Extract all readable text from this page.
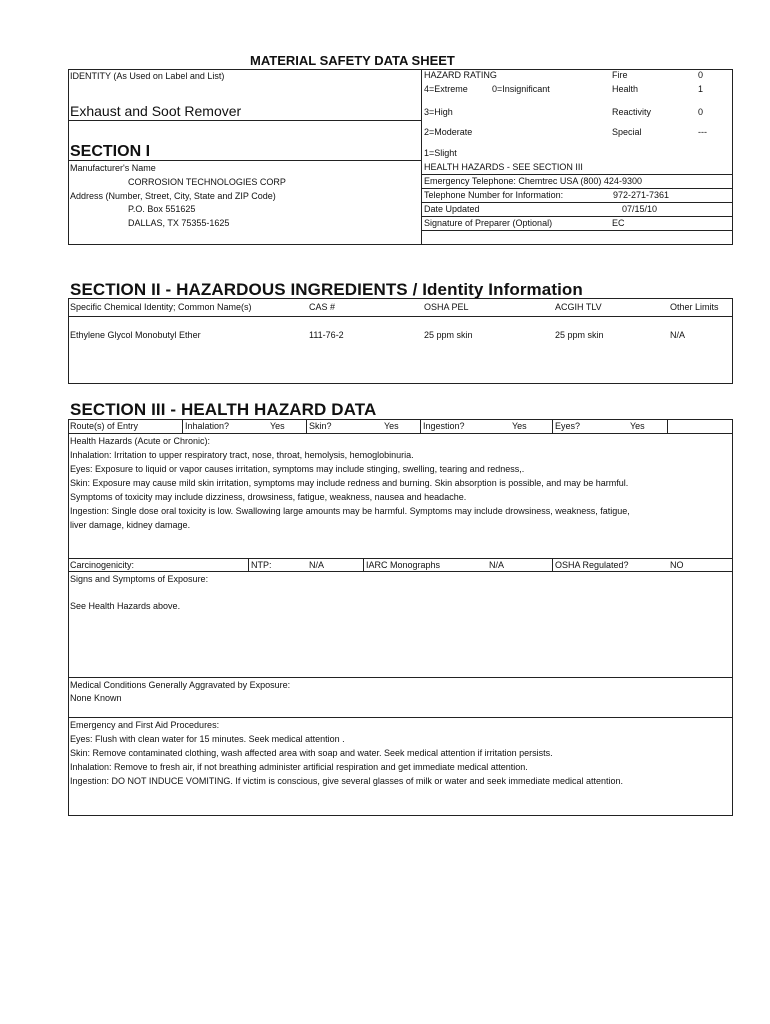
MATERIAL SAFETY DATA SHEET
IDENTITY (As Used on Label and List)
Exhaust and Soot Remover
SECTION I
Manufacturer's Name
CORROSION TECHNOLOGIES CORP
Address (Number, Street, City, State and ZIP Code)
P.O. Box 551625
DALLAS, TX 75355-1625
HAZARD RATING
4=Extreme	0=Insignificant
3=High
2=Moderate
1=Slight
Fire	0
Health	1
Reactivity	0
Special	---
HEALTH HAZARDS - SEE SECTION III
Emergency Telephone: Chemtrec USA (800) 424-9300
Telephone Number for Information:	972-271-7361
Date Updated	07/15/10
Signature of Preparer (Optional)	EC
SECTION II - HAZARDOUS INGREDIENTS / Identity Information
Specific Chemical Identity; Common Name(s)	CAS #	OSHA PEL	ACGIH TLV	Other Limits
Ethylene Glycol Monobutyl Ether	111-76-2	25 ppm skin	25 ppm skin	N/A
SECTION III - HEALTH HAZARD DATA
Route(s) of Entry	Inhalation?	Yes	Skin?	Yes	Ingestion?	Yes	Eyes?	Yes
Health Hazards (Acute or Chronic):
Inhalation: Irritation to upper respiratory tract, nose, throat, hemolysis, hemoglobinuria.
Eyes: Exposure to liquid or vapor causes irritation, symptoms may include stinging, swelling, tearing and redness,.
Skin: Exposure may cause mild skin irritation, symptoms may include redness and burning. Skin absorption is possible, and may be harmful.
Symptoms of toxicity may include dizziness, drowsiness, fatigue, weakness, nausea and headache.
Ingestion: Single dose oral toxicity is low. Swallowing large amounts may be harmful. Symptoms may include drowsiness, weakness, fatigue,
liver damage, kidney damage.
Carcinogenicity:	NTP:	N/A	IARC Monographs	N/A	OSHA Regulated?	NO
Signs and Symptoms of Exposure:
See Health Hazards above.
Medical Conditions Generally Aggravated by Exposure:
None Known
Emergency and First Aid Procedures:
Eyes: Flush with clean water for 15 minutes. Seek medical attention .
Skin: Remove contaminated clothing, wash affected area with soap and water. Seek medical attention if irritation persists.
Inhalation: Remove to fresh air, if not breathing administer artificial respiration and get immediate medical attention.
Ingestion: DO NOT INDUCE VOMITING. If victim is conscious, give several glasses of milk or water and seek immediate medical attention.
